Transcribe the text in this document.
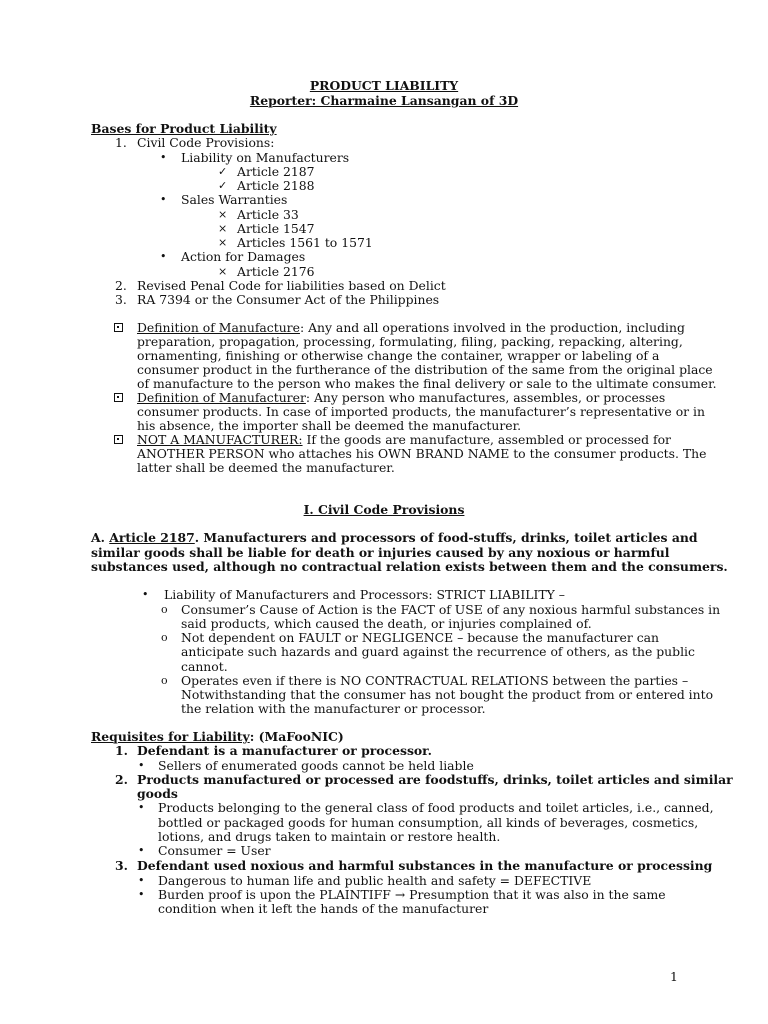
PRODUCT LIABILITY
Reporter: Charmaine Lansangan of 3D
Bases for Product Liability
1. Civil Code Provisions:
• Liability on Manufacturers
✓ Article 2187
✓ Article 2188
• Sales Warranties
× Article 33
× Article 1547
× Articles 1561 to 1571
• Action for Damages
× Article 2176
2. Revised Penal Code for liabilities based on Delict
3. RA 7394 or the Consumer Act of the Philippines
Definition of Manufacture: Any and all operations involved in the production, including
preparation, propagation, processing, formulating, filing, packing, repacking, altering,
ornamenting, finishing or otherwise change the container, wrapper or labeling of a
consumer product in the furtherance of the distribution of the same from the original place
of manufacture to the person who makes the final delivery or sale to the ultimate consumer.
Definition of Manufacturer: Any person who manufactures, assembles, or processes
consumer products. In case of imported products, the manufacturer’s representative or in
his absence, the importer shall be deemed the manufacturer.
NOT A MANUFACTURER: If the goods are manufacture, assembled or processed for
ANOTHER PERSON who attaches his OWN BRAND NAME to the consumer products. The
latter shall be deemed the manufacturer.
I. Civil Code Provisions
A. Article 2187. Manufacturers and processors of food-stuffs, drinks, toilet articles and
similar goods shall be liable for death or injuries caused by any noxious or harmful
substances used, although no contractual relation exists between them and the consumers.
• Liability of Manufacturers and Processors: STRICT LIABILITY –
o Consumer’s Cause of Action is the FACT of USE of any noxious harmful substances in
said products, which caused the death, or injuries complained of.
o Not dependent on FAULT or NEGLIGENCE – because the manufacturer can
anticipate such hazards and guard against the recurrence of others, as the public
cannot.
o Operates even if there is NO CONTRACTUAL RELATIONS between the parties –
Notwithstanding that the consumer has not bought the product from or entered into
the relation with the manufacturer or processor.
Requisites for Liability: (MaFooNIC)
1. Defendant is a manufacturer or processor.
• Sellers of enumerated goods cannot be held liable
2. Products manufactured or processed are foodstuffs, drinks, toilet articles and similar
goods
• Products belonging to the general class of food products and toilet articles, i.e., canned,
bottled or packaged goods for human consumption, all kinds of beverages, cosmetics,
lotions, and drugs taken to maintain or restore health.
• Consumer = User
3. Defendant used noxious and harmful substances in the manufacture or processing
• Dangerous to human life and public health and safety = DEFECTIVE
• Burden proof is upon the PLAINTIFF → Presumption that it was also in the same
condition when it left the hands of the manufacturer
1
